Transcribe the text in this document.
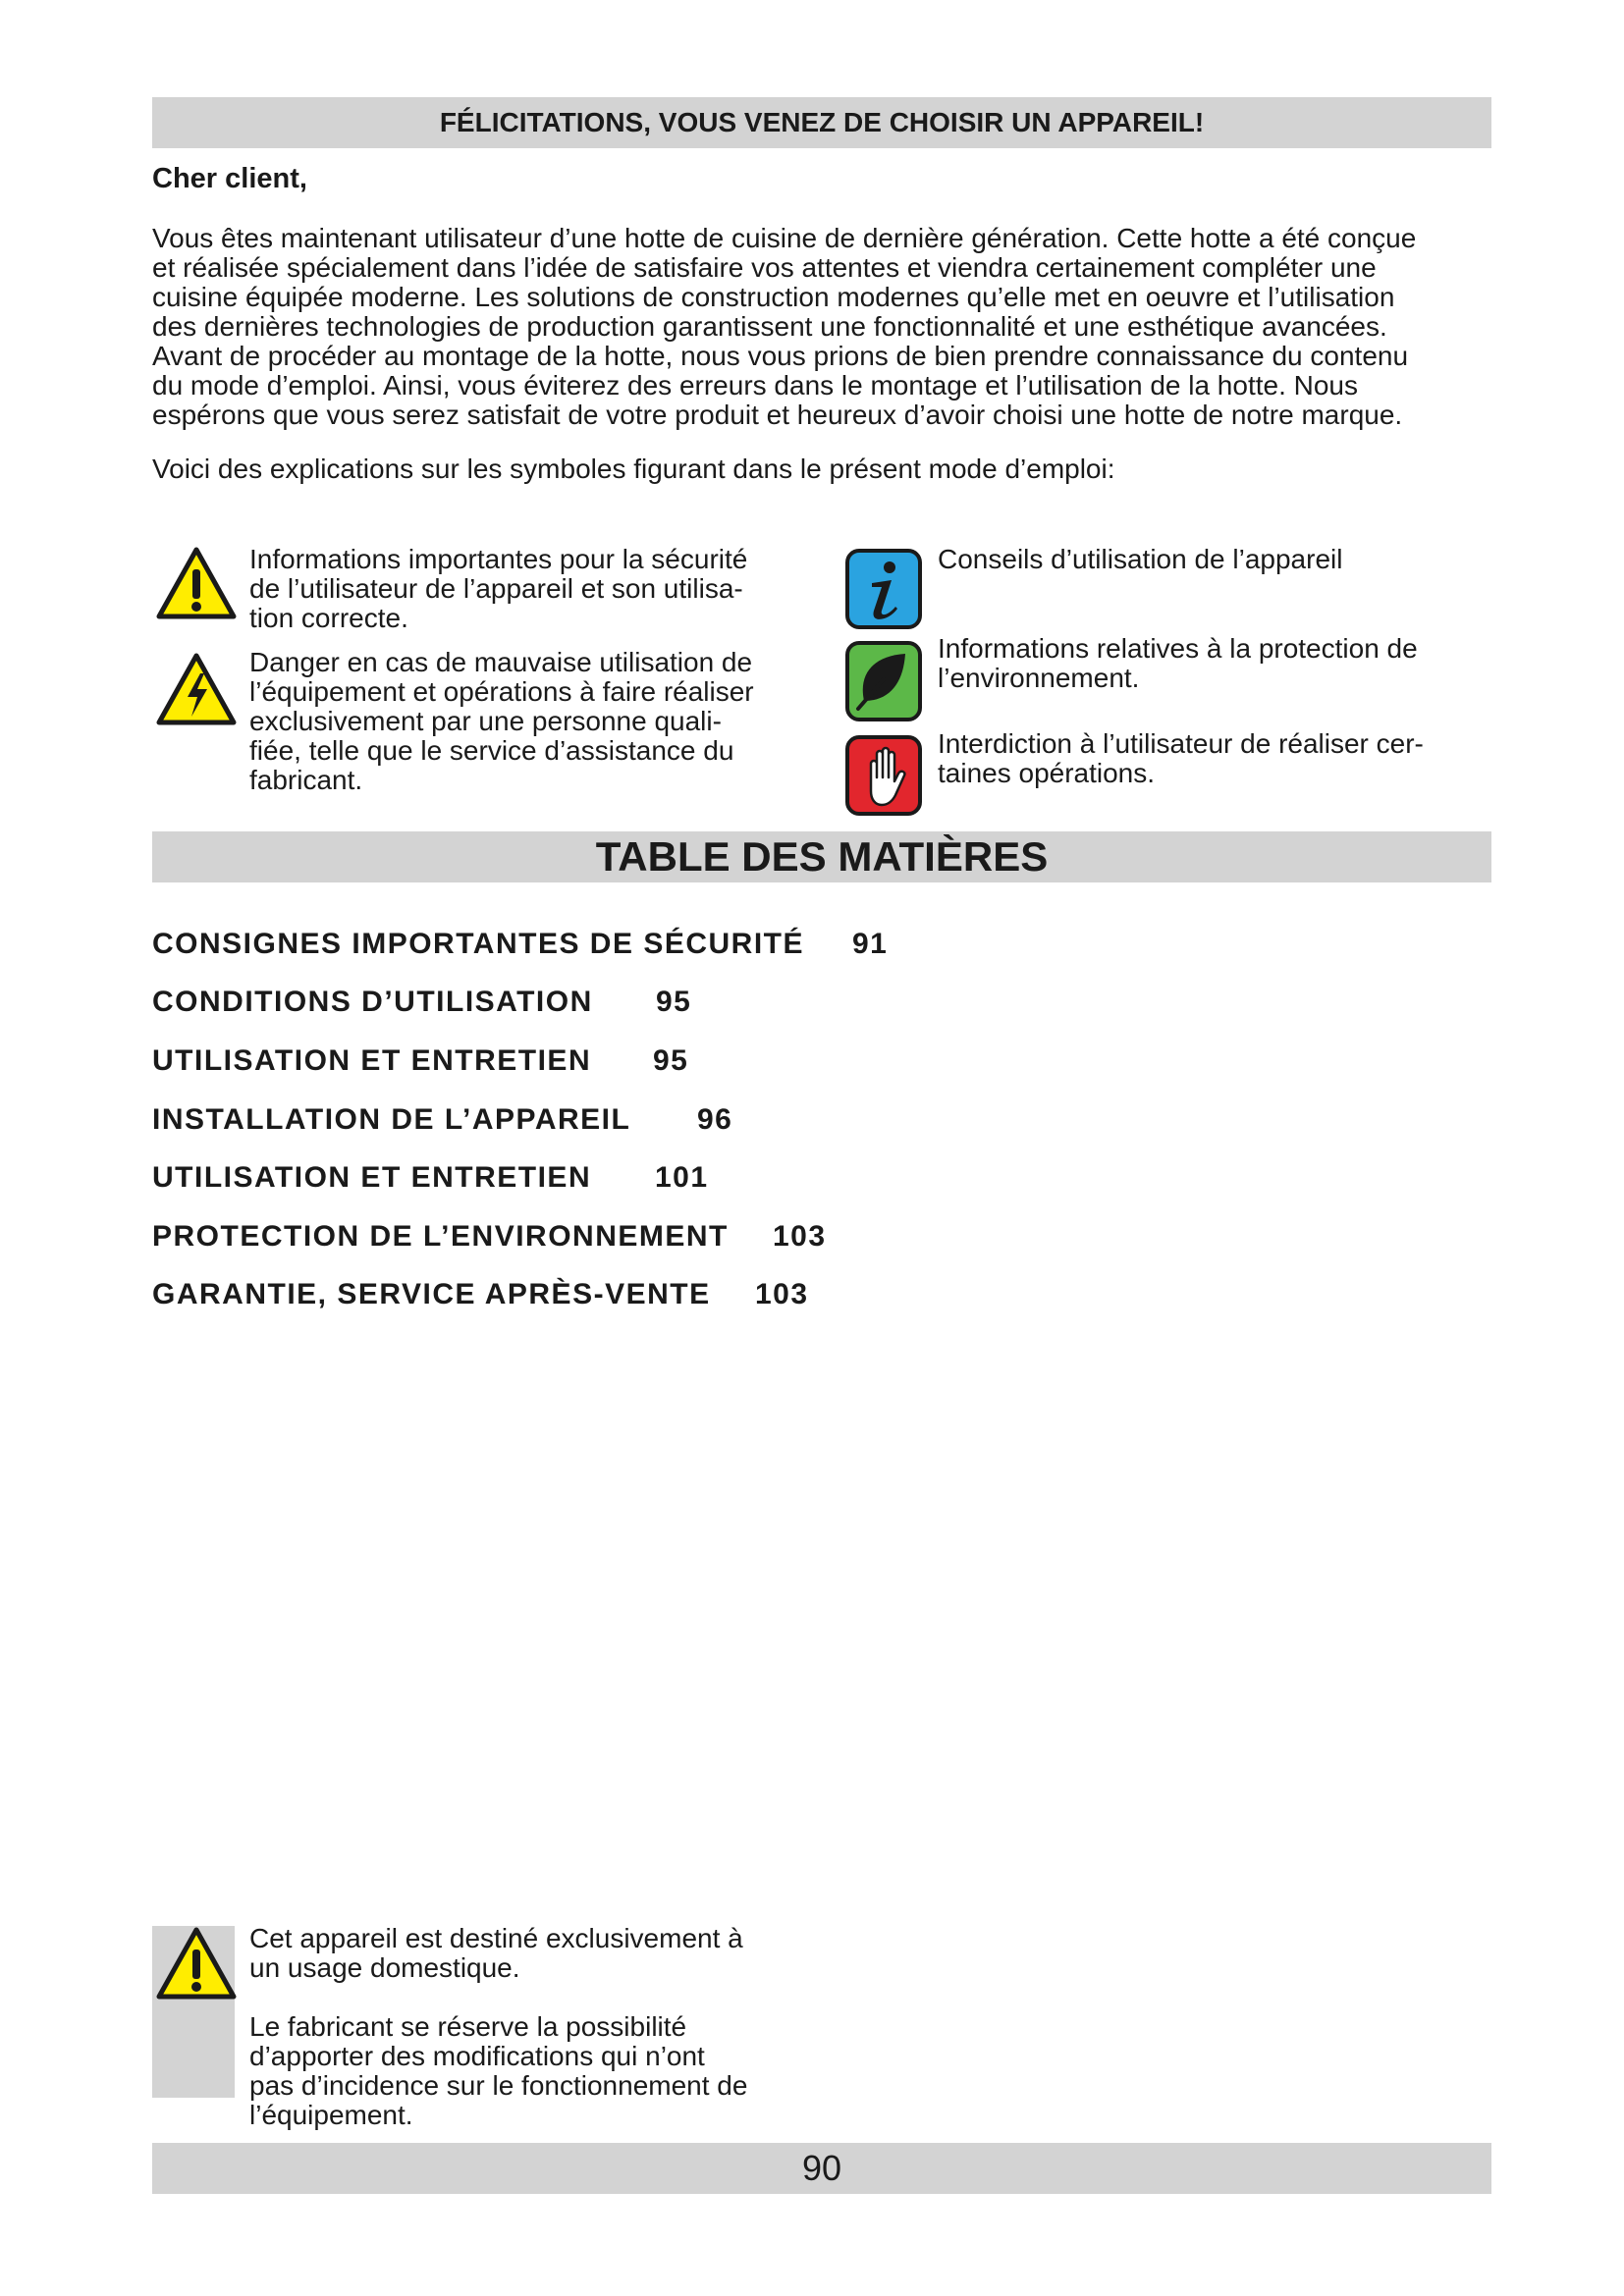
FÉLICITATIONS, VOUS VENEZ DE CHOISIR UN APPAREIL!
Cher client,
Vous êtes maintenant utilisateur d’une hotte de cuisine de dernière génération. Cette hotte a été conçue
et réalisée spécialement dans l’idée de satisfaire vos attentes et viendra certainement compléter une
cuisine équipée moderne. Les solutions de construction modernes qu’elle met en oeuvre et l’utilisation
des dernières technologies de production garantissent une fonctionnalité et une esthétique avancées.
Avant de procéder au montage de la hotte, nous vous prions de bien prendre connaissance du contenu
du mode d’emploi. Ainsi, vous éviterez des erreurs dans le montage et l’utilisation de la hotte. Nous
espérons que vous serez satisfait de votre produit et heureux d’avoir choisi une hotte de notre marque.
Voici des explications sur les symboles figurant dans le présent mode d’emploi:
Informations importantes pour la sécurité
de l’utilisateur de l’appareil et son utilisa-
tion correcte.
Danger en cas de mauvaise utilisation de
l’équipement et opérations à faire réaliser
exclusivement par une personne quali-
fiée, telle que le service d’assistance du
fabricant.
Conseils d’utilisation de l’appareil
Informations relatives à la protection de
l’environnement.
Interdiction à l’utilisateur de réaliser cer-
taines opérations.
TABLE DES MATIÈRES
CONSIGNES IMPORTANTES DE SÉCURITÉ 91
CONDITIONS D’UTILISATION 95
UTILISATION ET ENTRETIEN 95
INSTALLATION DE L’APPAREIL 96
UTILISATION ET ENTRETIEN 101
PROTECTION DE L’ENVIRONNEMENT 103
GARANTIE, SERVICE APRÈS-VENTE 103
Cet appareil est destiné exclusivement à
un usage domestique.
Le fabricant se réserve la possibilité
d’apporter des modifications qui n’ont
pas d’incidence sur le fonctionnement de
l’équipement.
90
